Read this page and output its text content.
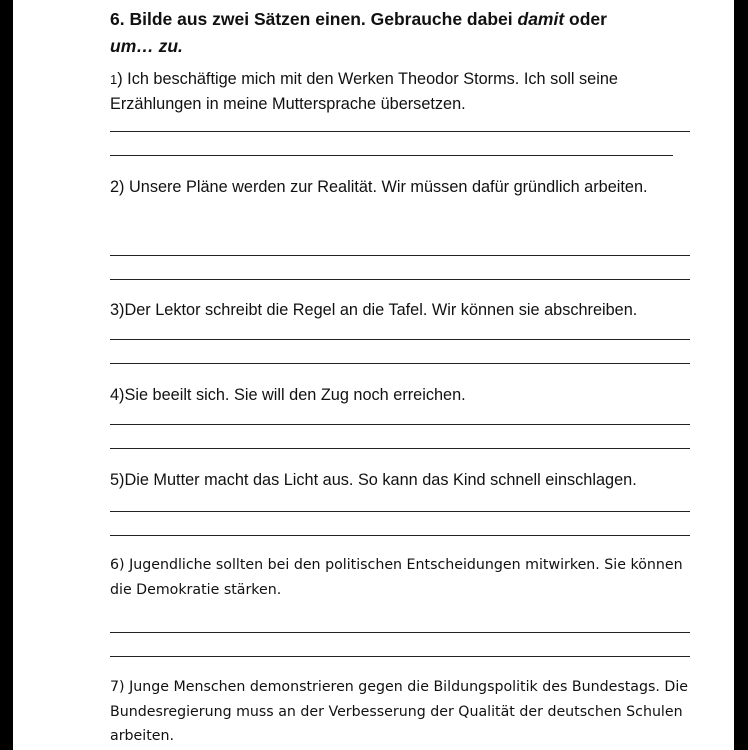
6. Bilde aus zwei Sätzen einen. Gebrauche dabei damit oder
um… zu.
1) Ich beschäftige mich mit den Werken Theodor Storms. Ich soll seine Erzählungen in meine Muttersprache übersetzen.
2) Unsere Pläne werden zur Realität. Wir müssen dafür gründlich arbeiten.
3)Der Lektor schreibt die Regel an die Tafel. Wir können sie abschreiben.
4)Sie beeilt sich. Sie will den Zug noch erreichen.
5)Die Mutter macht das Licht aus. So kann das Kind schnell einschlagen.
6) Jugendliche sollten bei den politischen Entscheidungen mitwirken. Sie können die Demokratie stärken.
7) Junge Menschen demonstrieren gegen die Bildungspolitik des Bundestags. Die Bundesregierung muss an der Verbesserung der Qualität der deutschen Schulen arbeiten.
